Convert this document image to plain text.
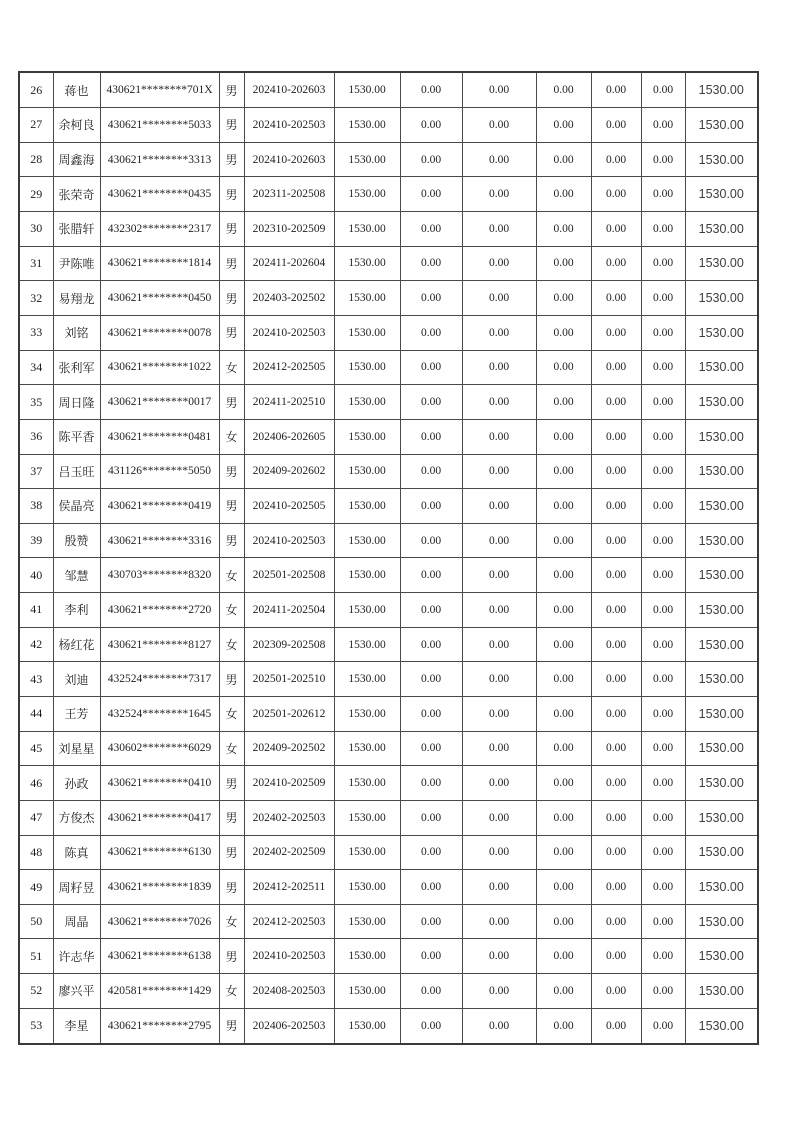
26	蒋也	430621********701X	男	202410-202603	1530.00	0.00	0.00	0.00	0.00	0.00	1530.00
27	余柯良	430621********5033	男	202410-202503	1530.00	0.00	0.00	0.00	0.00	0.00	1530.00
28	周鑫海	430621********3313	男	202410-202603	1530.00	0.00	0.00	0.00	0.00	0.00	1530.00
29	张荣奇	430621********0435	男	202311-202508	1530.00	0.00	0.00	0.00	0.00	0.00	1530.00
30	张腊轩	432302********2317	男	202310-202509	1530.00	0.00	0.00	0.00	0.00	0.00	1530.00
31	尹陈唯	430621********1814	男	202411-202604	1530.00	0.00	0.00	0.00	0.00	0.00	1530.00
32	易翔龙	430621********0450	男	202403-202502	1530.00	0.00	0.00	0.00	0.00	0.00	1530.00
33	刘铭	430621********0078	男	202410-202503	1530.00	0.00	0.00	0.00	0.00	0.00	1530.00
34	张利军	430621********1022	女	202412-202505	1530.00	0.00	0.00	0.00	0.00	0.00	1530.00
35	周日隆	430621********0017	男	202411-202510	1530.00	0.00	0.00	0.00	0.00	0.00	1530.00
36	陈平香	430621********0481	女	202406-202605	1530.00	0.00	0.00	0.00	0.00	0.00	1530.00
37	吕玉旺	431126********5050	男	202409-202602	1530.00	0.00	0.00	0.00	0.00	0.00	1530.00
38	侯晶亮	430621********0419	男	202410-202505	1530.00	0.00	0.00	0.00	0.00	0.00	1530.00
39	殷赞	430621********3316	男	202410-202503	1530.00	0.00	0.00	0.00	0.00	0.00	1530.00
40	邹慧	430703********8320	女	202501-202508	1530.00	0.00	0.00	0.00	0.00	0.00	1530.00
41	李利	430621********2720	女	202411-202504	1530.00	0.00	0.00	0.00	0.00	0.00	1530.00
42	杨红花	430621********8127	女	202309-202508	1530.00	0.00	0.00	0.00	0.00	0.00	1530.00
43	刘迪	432524********7317	男	202501-202510	1530.00	0.00	0.00	0.00	0.00	0.00	1530.00
44	王芳	432524********1645	女	202501-202612	1530.00	0.00	0.00	0.00	0.00	0.00	1530.00
45	刘星星	430602********6029	女	202409-202502	1530.00	0.00	0.00	0.00	0.00	0.00	1530.00
46	孙政	430621********0410	男	202410-202509	1530.00	0.00	0.00	0.00	0.00	0.00	1530.00
47	方俊杰	430621********0417	男	202402-202503	1530.00	0.00	0.00	0.00	0.00	0.00	1530.00
48	陈真	430621********6130	男	202402-202509	1530.00	0.00	0.00	0.00	0.00	0.00	1530.00
49	周籽昱	430621********1839	男	202412-202511	1530.00	0.00	0.00	0.00	0.00	0.00	1530.00
50	周晶	430621********7026	女	202412-202503	1530.00	0.00	0.00	0.00	0.00	0.00	1530.00
51	许志华	430621********6138	男	202410-202503	1530.00	0.00	0.00	0.00	0.00	0.00	1530.00
52	廖兴平	420581********1429	女	202408-202503	1530.00	0.00	0.00	0.00	0.00	0.00	1530.00
53	李星	430621********2795	男	202406-202503	1530.00	0.00	0.00	0.00	0.00	0.00	1530.00
